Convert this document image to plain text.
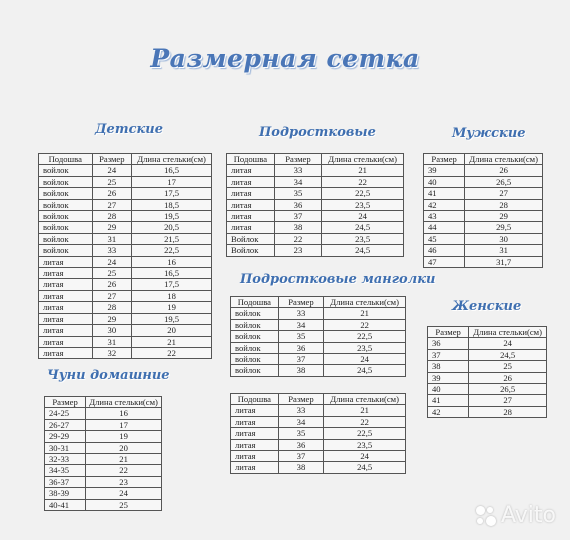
Размерная сетка
Детские
Подошва	Размер	Длина стельки(см)
войлок	24	16,5
войлок	25	17
войлок	26	17,5
войлок	27	18,5
войлок	28	19,5
войлок	29	20,5
войлок	31	21,5
войлок	33	22,5
литая	24	16
литая	25	16,5
литая	26	17,5
литая	27	18
литая	28	19
литая	29	19,5
литая	30	20
литая	31	21
литая	32	22
Подростковые
Подошва	Размер	Длина стельки(см)
литая	33	21
литая	34	22
литая	35	22,5
литая	36	23,5
литая	37	24
литая	38	24,5
Войлок	22	23,5
Войлок	23	24,5
Подростковые манголки
Подошва	Размер	Длина стельки(см)
войлок	33	21
войлок	34	22
войлок	35	22,5
войлок	36	23,5
войлок	37	24
войлок	38	24,5
Подошва	Размер	Длина стельки(см)
литая	33	21
литая	34	22
литая	35	22,5
литая	36	23,5
литая	37	24
литая	38	24,5
Мужские
Размер	Длина стельки(см)
39	26
40	26,5
41	27
42	28
43	29
44	29,5
45	30
46	31
47	31,7
Женские
Размер	Длина стельки(см)
36	24
37	24,5
38	25
39	26
40	26,5
41	27
42	28
Чуни домашние
Размер	Длина стельки(см)
24-25	16
26-27	17
29-29	19
30-31	20
32-33	21
34-35	22
36-37	23
38-39	24
40-41	25	Avito
